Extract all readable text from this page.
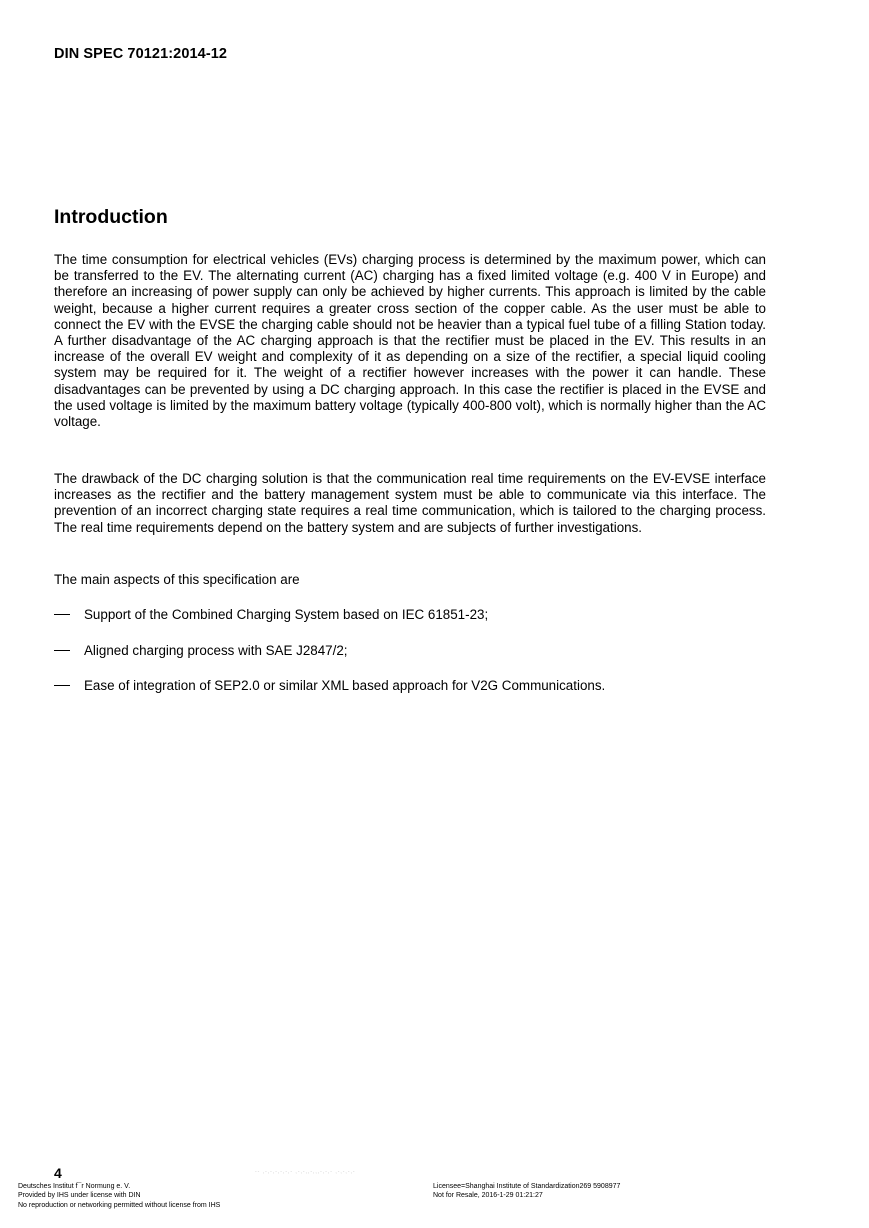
DIN SPEC 70121:2014-12
Introduction

The time consumption for electrical vehicles (EVs) charging process is determined by the maximum power, which can be transferred to the EV. The alternating current (AC) charging has a fixed limited voltage (e.g. 400 V in Europe) and therefore an increasing of power supply can only be achieved by higher currents. This approach is limited by the cable weight, because a higher current requires a greater cross section of the copper cable. As the user must be able to connect the EV with the EVSE the charging cable should not be heavier than a typical fuel tube of a filling Station today. A further disadvantage of the AC charging approach is that the rectifier must be placed in the EV. This results in an increase of the overall EV weight and complexity of it as depending on a size of the rectifier, a special liquid cooling system may be required for it. The weight of a rectifier however increases with the power it can handle. These disadvantages can be prevented by using a DC charging approach. In this case the rectifier is placed in the EVSE and the used voltage is limited by the maximum battery voltage (typically 400-800 volt), which is normally higher than the AC voltage.

The drawback of the DC charging solution is that the communication real time requirements on the EV-EVSE interface increases as the rectifier and the battery management system must be able to communicate via this interface. The prevention of an incorrect charging state requires a real time communication, which is tailored to the charging process. The real time requirements depend on the battery system and are subjects of further investigations.

The main aspects of this specification are

Support of the Combined Charging System based on IEC 61851-23;
Aligned charging process with SAE J2847/2;
Ease of integration of SEP2.0 or similar XML based approach for V2G Communications.
4	-- ,-,-,-,-,-,- ,-,-,,-,,,-,-,- ,-,-,-,-
Deutsches Institut f¯r Normung e. V.
Provided by IHS under license with DIN
No reproduction or networking permitted without license from IHS
Licensee=Shanghai Institute of Standardization269 5908977
Not for Resale, 2016-1-29 01:21:27
